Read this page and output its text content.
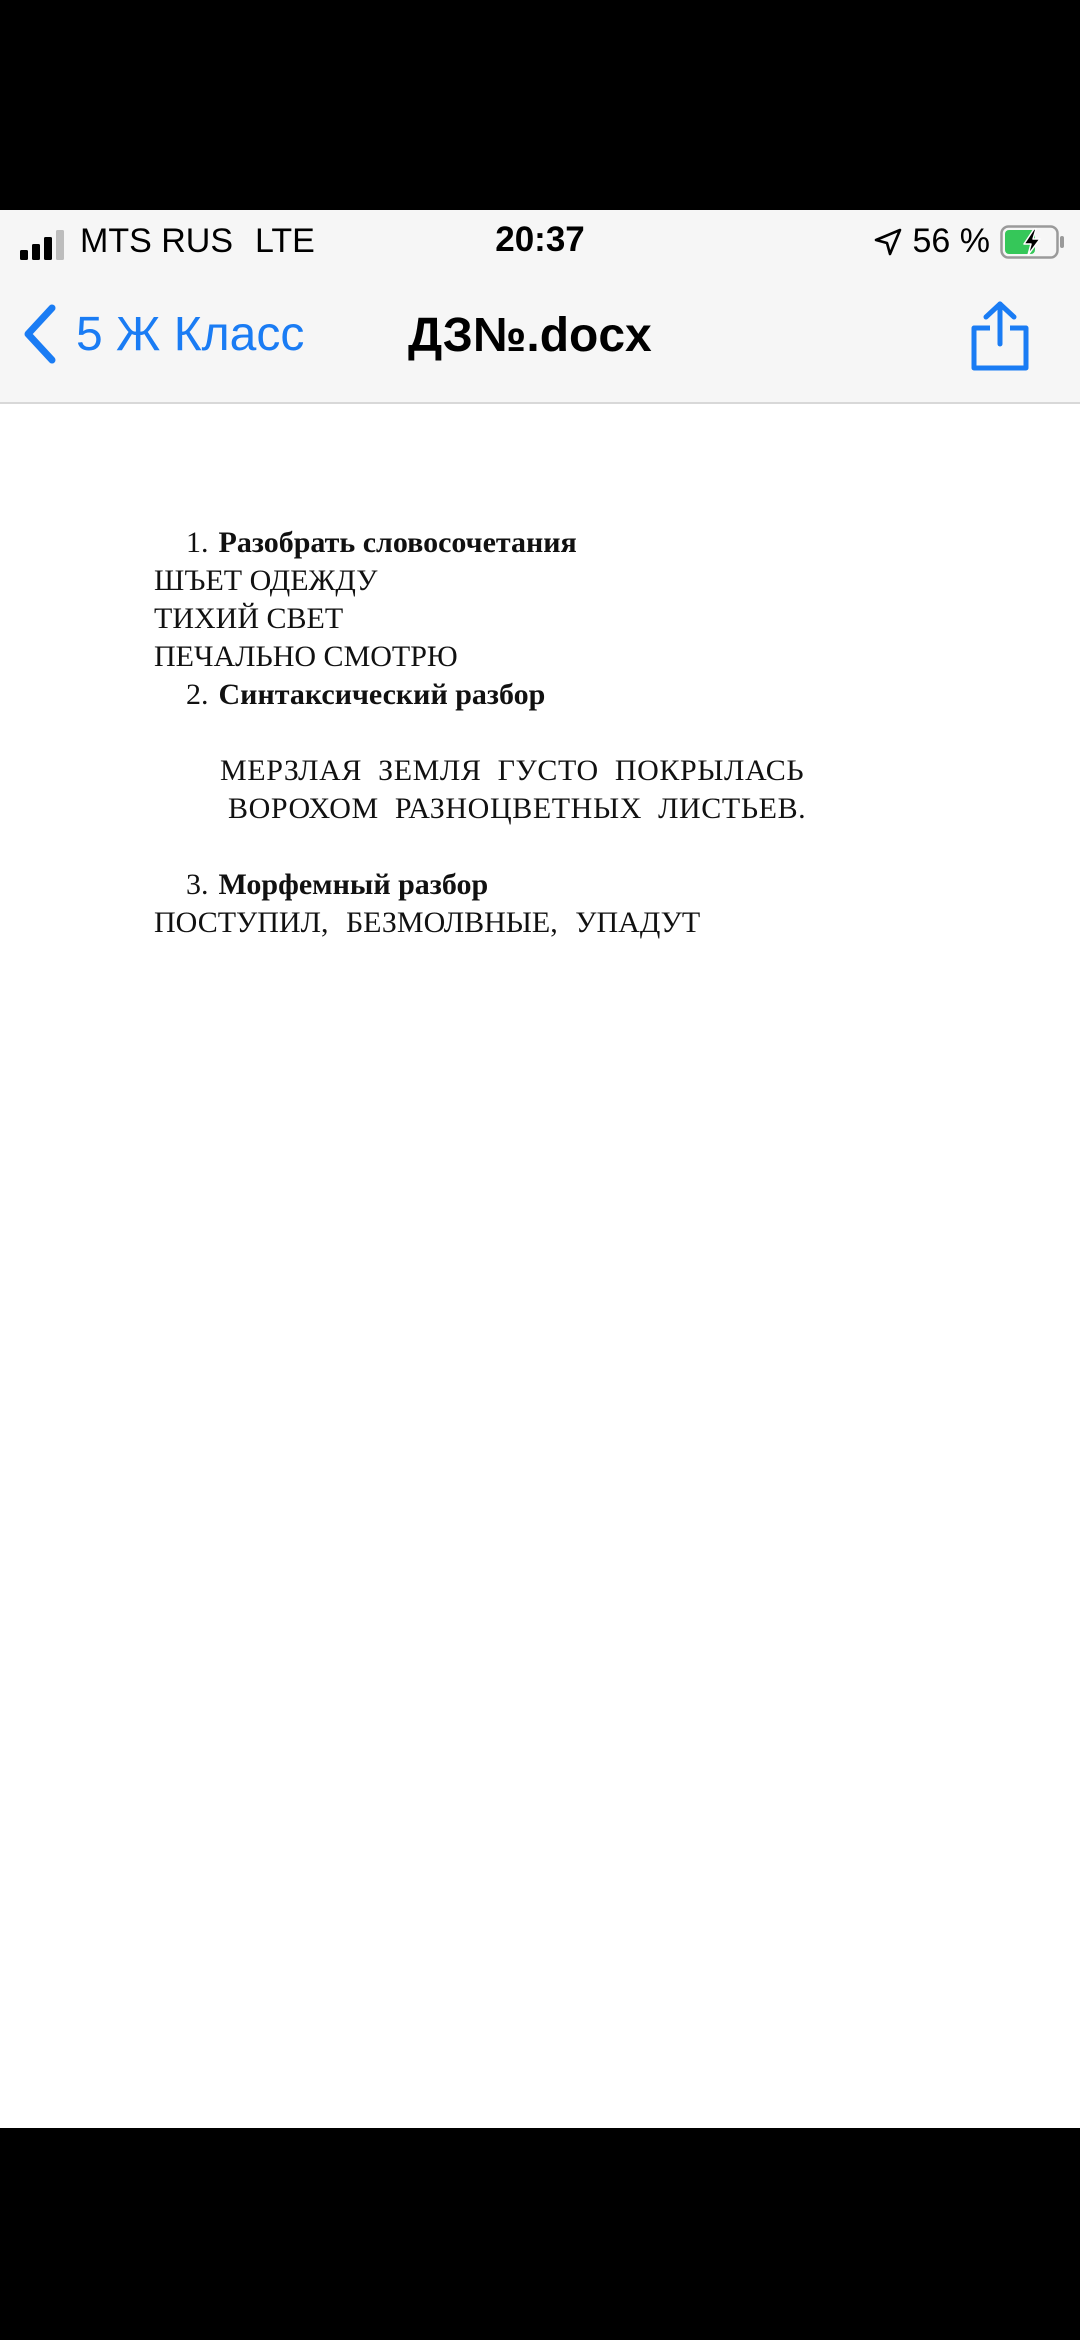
MTS RUS LTE	20:37	56 %
5 Ж Класс ДЗ№.docx
1. Разобрать словосочетания
ШЪЕТ ОДЕЖДУ
ТИХИЙ СВЕТ
ПЕЧАЛЬНО СМОТРЮ
2. Синтаксический разбор
МЕРЗЛАЯ ЗЕМЛЯ ГУСТО ПОКРЫЛАСЬ
ВОРОХОМ РАЗНОЦВЕТНЫХ ЛИСТЬЕВ.
3. Морфемный разбор
ПОСТУПИЛ, БЕЗМОЛВНЫЕ, УПАДУТ
